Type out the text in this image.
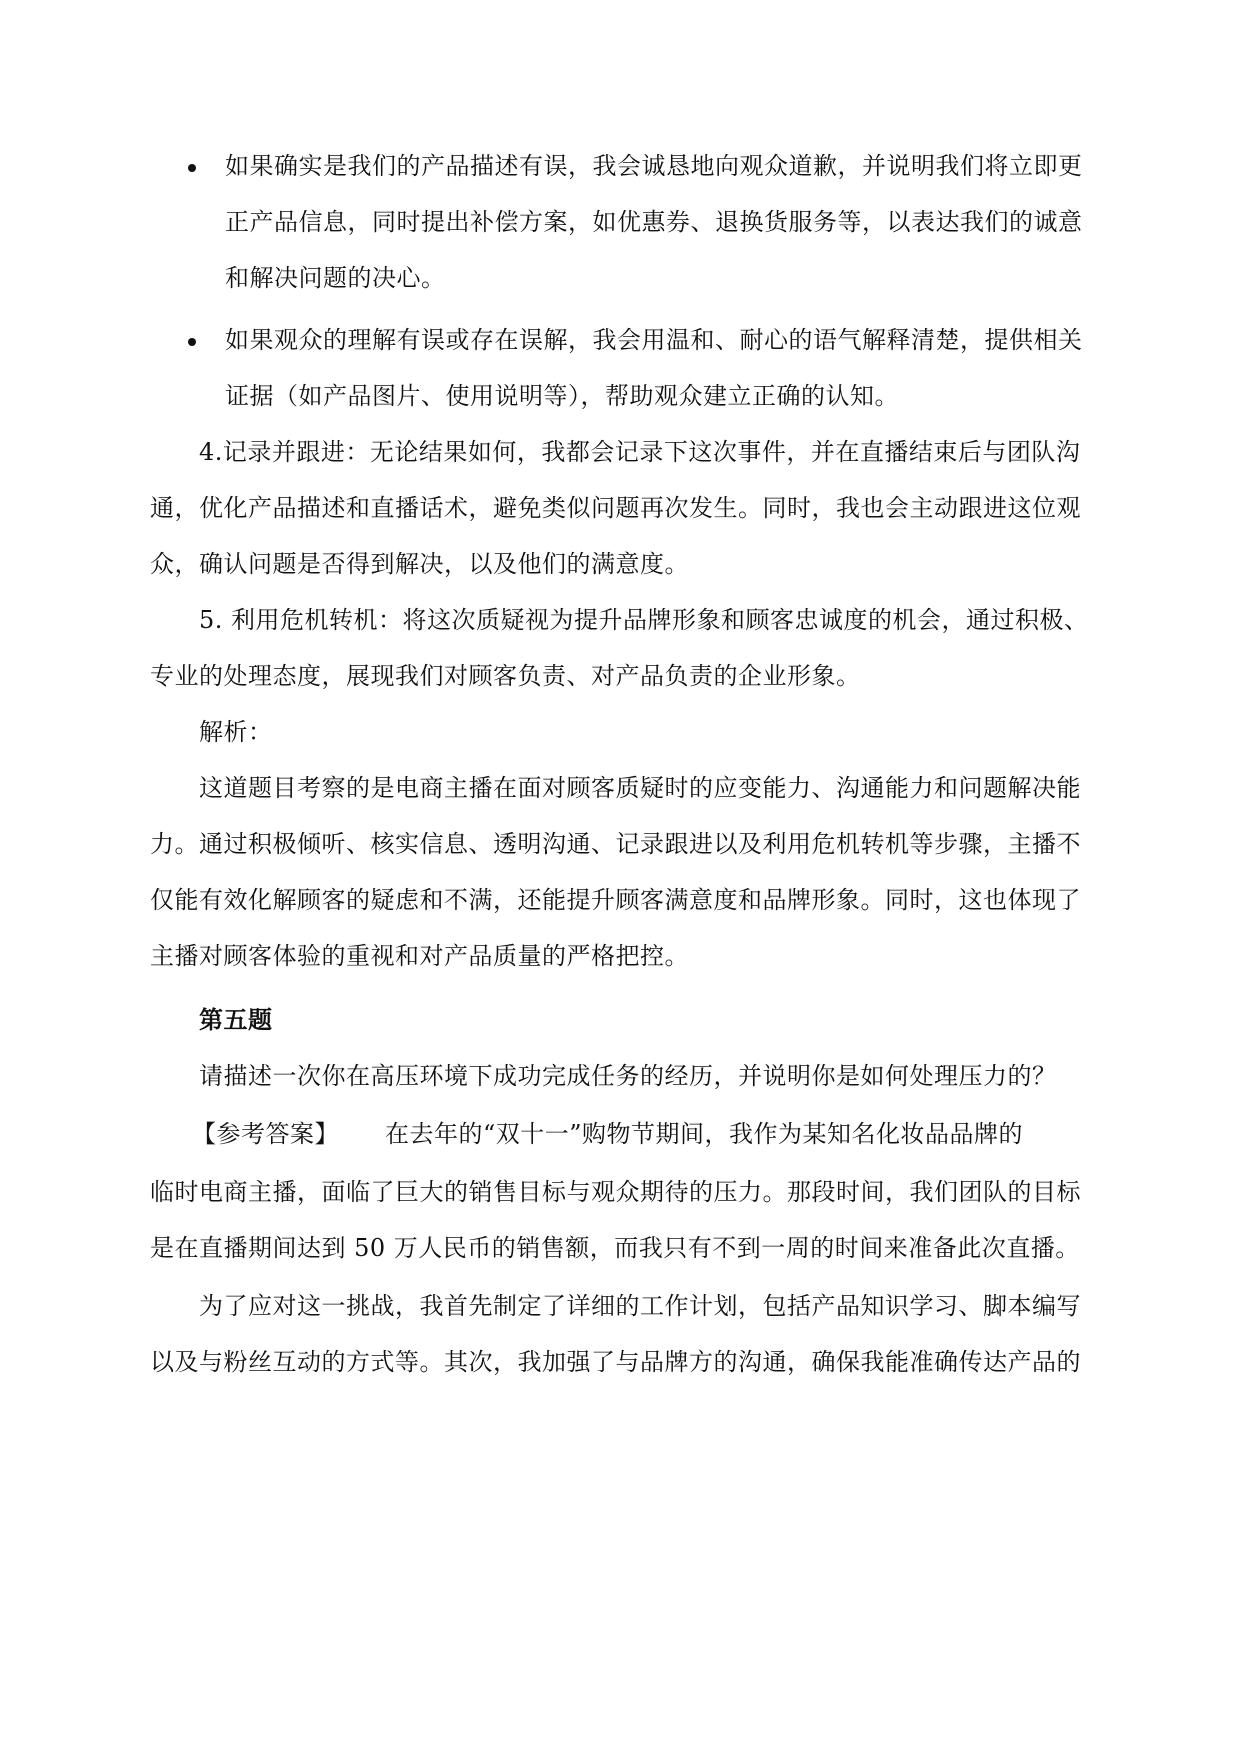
如果确实是我们的产品描述有误，我会诚恳地向观众道歉，并说明我们将立即更
正产品信息，同时提出补偿方案，如优惠券、退换货服务等，以表达我们的诚意
和解决问题的决心。
如果观众的理解有误或存在误解，我会用温和、耐心的语气解释清楚，提供相关
证据（如产品图片、使用说明等），帮助观众建立正确的认知。
4.记录并跟进：无论结果如何，我都会记录下这次事件，并在直播结束后与团队沟
通，优化产品描述和直播话术，避免类似问题再次发生。同时，我也会主动跟进这位观
众，确认问题是否得到解决，以及他们的满意度。
5. 利用危机转机：将这次质疑视为提升品牌形象和顾客忠诚度的机会，通过积极、
专业的处理态度，展现我们对顾客负责、对产品负责的企业形象。
解析：
这道题目考察的是电商主播在面对顾客质疑时的应变能力、沟通能力和问题解决能
力。通过积极倾听、核实信息、透明沟通、记录跟进以及利用危机转机等步骤，主播不
仅能有效化解顾客的疑虑和不满，还能提升顾客满意度和品牌形象。同时，这也体现了
主播对顾客体验的重视和对产品质量的严格把控。
第五题
请描述一次你在高压环境下成功完成任务的经历，并说明你是如何处理压力的？
【参考答案】 在去年的“双十一”购物节期间，我作为某知名化妆品品牌的
临时电商主播，面临了巨大的销售目标与观众期待的压力。那段时间，我们团队的目标
是在直播期间达到 50 万人民币的销售额，而我只有不到一周的时间来准备此次直播。
为了应对这一挑战，我首先制定了详细的工作计划，包括产品知识学习、脚本编写
以及与粉丝互动的方式等。其次，我加强了与品牌方的沟通，确保我能准确传达产品的
